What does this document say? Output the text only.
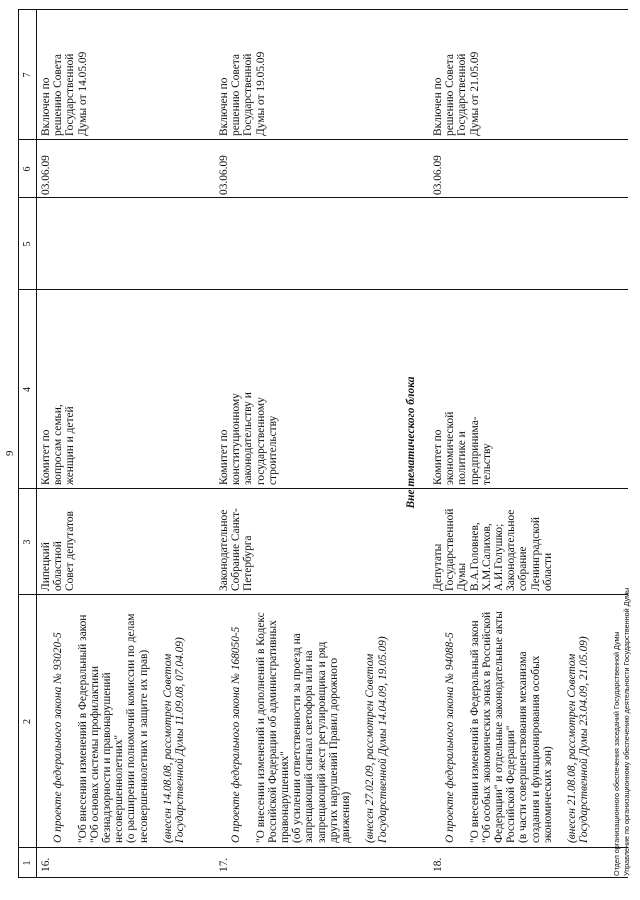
9
1
2
3
4
5
6
7
16.

О проекте федерального закона № 93020-5 "Об внесении изменений в Федеральный закон
"Об основах системы профилактики
безнадзорности и правонарушений
несовершеннолетних"
(о расширении полномочий комиссии по делам
несовершеннолетних и защите их прав)

(внесен 14.08.08, рассмотрен Советом
Государственной Думы 11.09.08, 07.04.09)

Липецкий областной
Совет депутатов
Комитет по
вопросам семьи,
женщин и детей
03.06.09
Включен по
решению Совета
Государственной
Думы от 14.05.09
17.

О проекте федерального закона № 168050-5 "О внесении изменений и дополнений в Кодекс
Российской Федерации об административных
правонарушениях"
(об усилении ответственности за проезд на
запрещающий сигнал светофора или на
запрещающий жест регулировщика и ряд
других нарушений Правил дорожного
движения) (внесен 27.02.09, рассмотрен Советом
Государственной Думы 14.04.09, 19.05.09)

Законодательное
Собрание Санкт-
Петербурга
Комитет по
конституционному
законодательству и
государственному
строительству
03.06.09
Включен по
решению Совета
Государственной
Думы от 19.05.09
Вне тематического блока
18.

О проекте федерального закона № 94088-5 "О внесении изменений в Федеральный закон
"Об особых экономических зонах в Российской
Федерации" и отдельные законодательные акты
Российской Федерации"
(в части совершенствования механизма
создания и функционирования особых
экономических зон)

(внесен 21.08.08, рассмотрен Советом
Государственной Думы 23.04.09, 21.05.09)

Депутаты
Государственной
Думы
В.А.Головнев,
Х.М.Салихов,
А.И.Голушко;
Законодательное
собрание
Ленинградской
области
Комитет по
экономической
политике и
предпринима-
тельству
03.06.09
Включен по
решению Совета
Государственной
Думы от 21.05.09
Отдел организационного обеспечения заседаний Государственной Думы Управление по организационному обеспечению деятельности Государственной Думы
